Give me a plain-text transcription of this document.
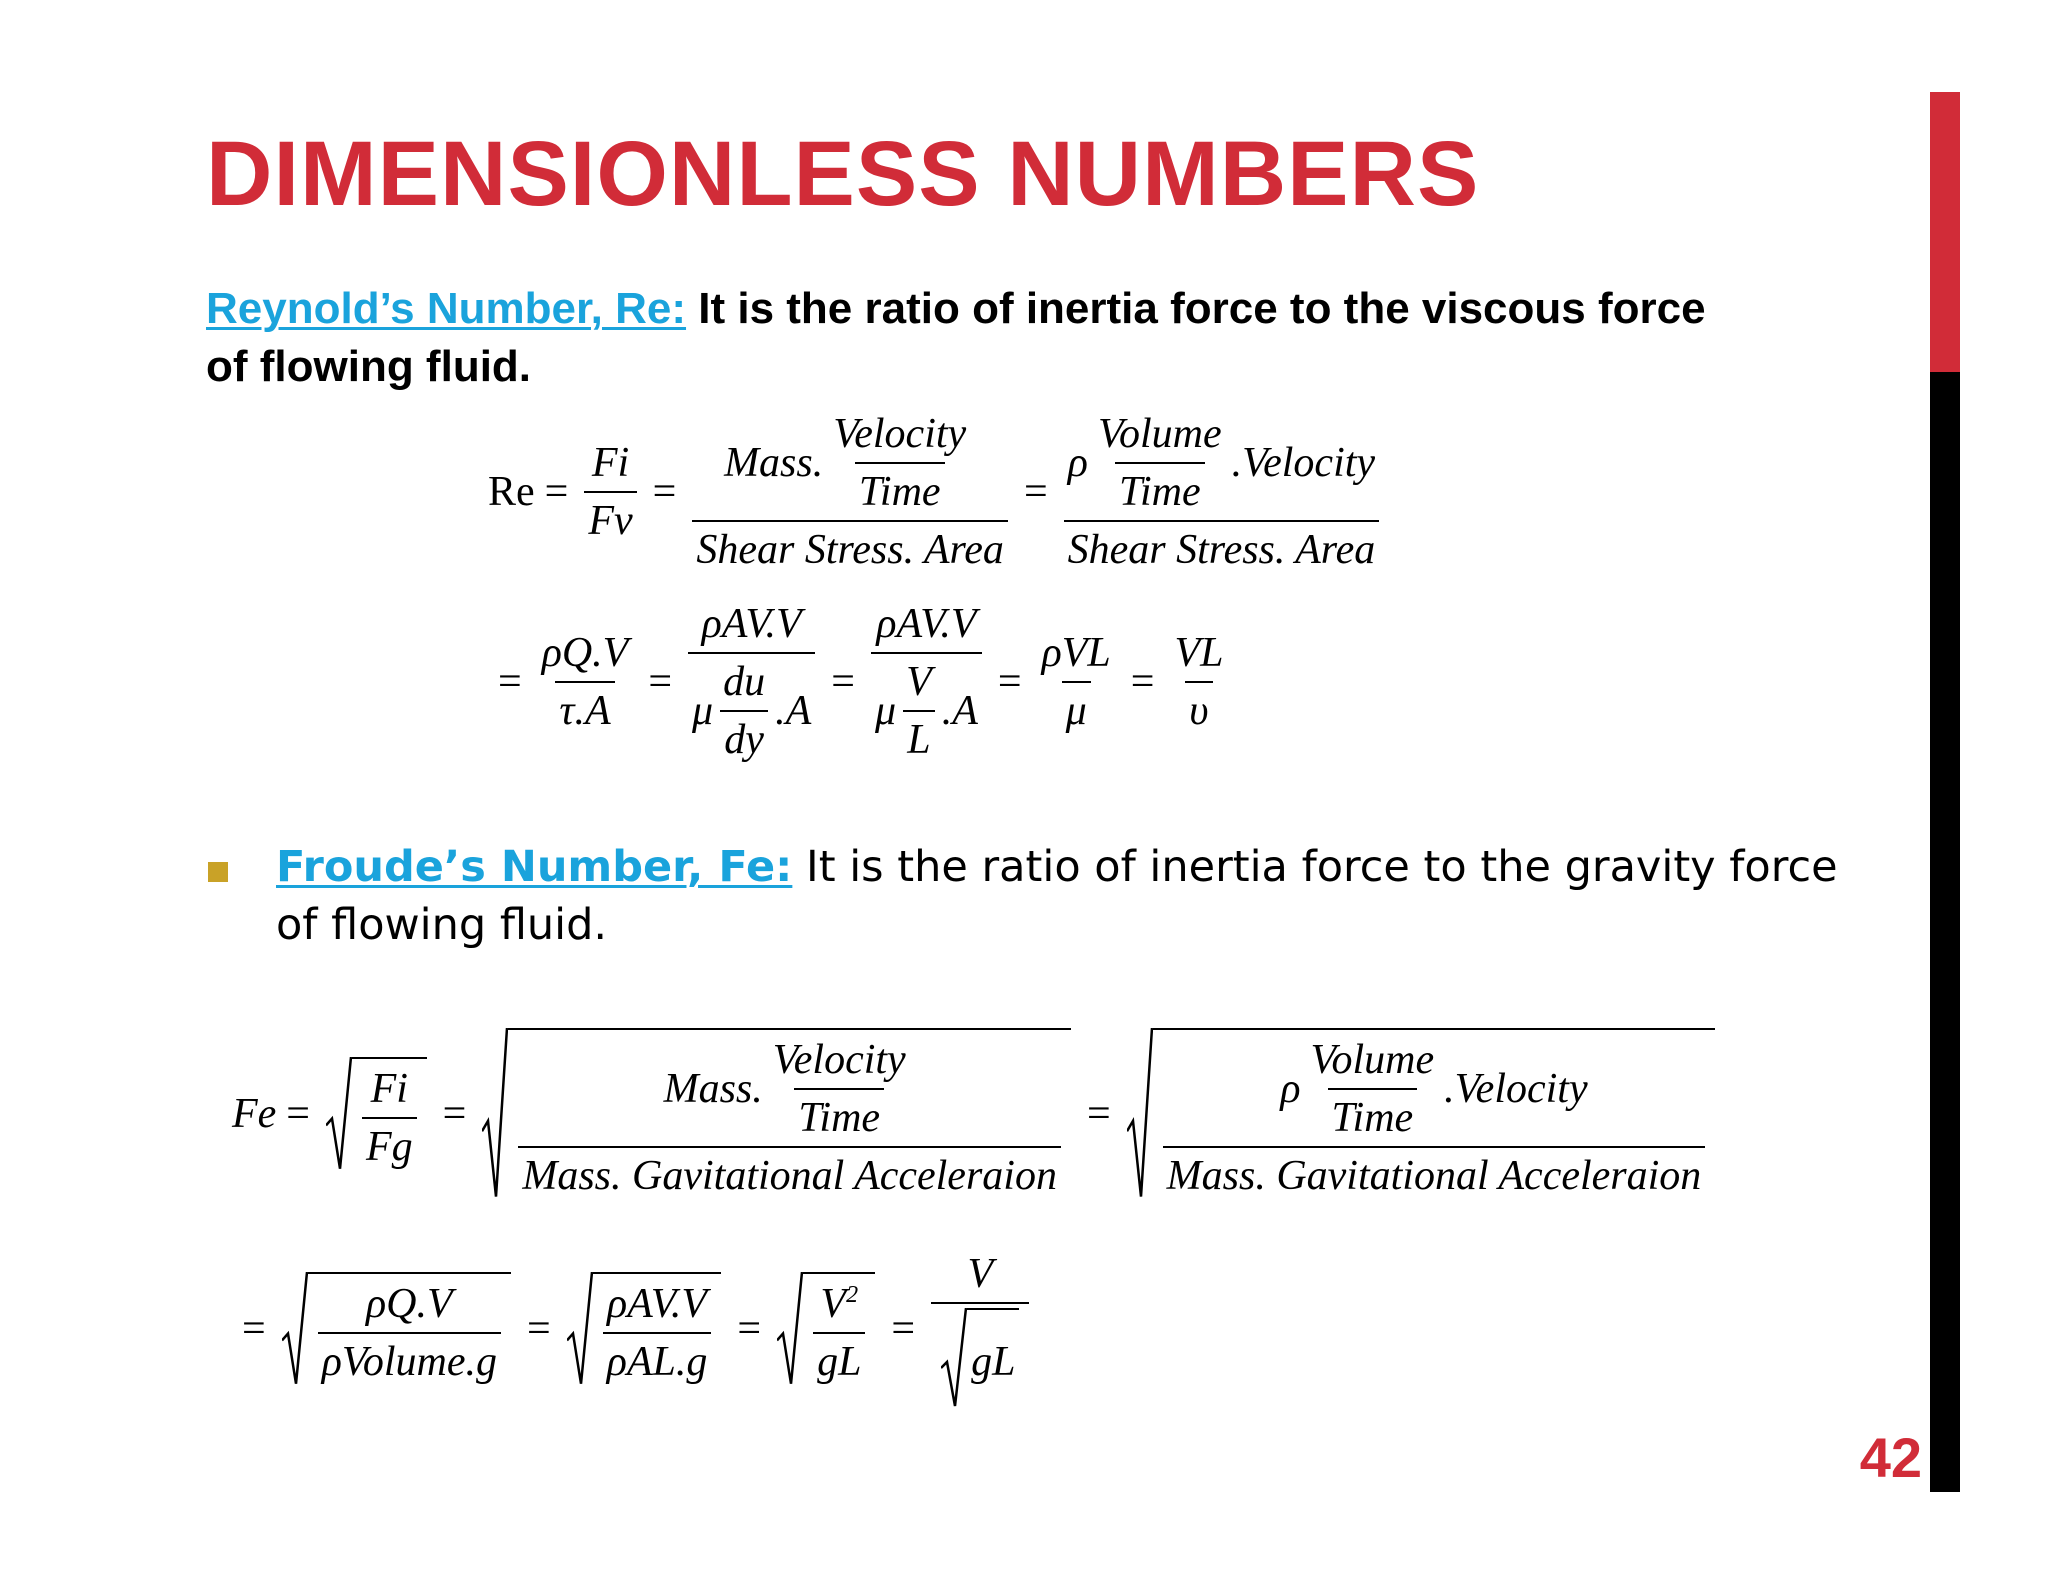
DIMENSIONLESS NUMBERS
Reynold’s Number, Re: It is the ratio of inertia force to the viscous force
of flowing fluid.
$Re = \frac{Fi}{Fv} = \frac{Mass. \frac{\text{Velocity}}{\text{Time}}}{\text{Shear Stress. Area}} = \frac{\rho \frac{\text{Volume}}{\text{Time}} .Velocity}{\text{Shear Stress. Area}}$
= $\frac{\rho Q.V}{\tau.A} = \frac{\text{ρAV.V}}{\mu \frac{du}{dy} .A} = \frac{\text{ρAV.V}}{\mu \frac{V}{L} .A} = \frac{\text{ρVL}}{\mu} = \frac{VL}{\upsilon}$
Froude’s Number, Fe: It is the ratio of inertia force to the gravity force
of flowing fluid.
$Fe = \frac{Fi}{Fg} = \frac{Mass. \frac{\text{Velocity}}{\text{Time}}}{\text{Mass. Gavitational Acceleraion}}$ =
ρ $\frac{\text{Volume}}{\text{Time}}$ .Velocity
Mass. Gavitational Acceleraion
= $\frac{\rho Q.V}{\text{ρVolume.g}} = \frac{\text{ρAV.V}}{\text{ρAL.g}} = \frac{V^2}{gL} = \frac{V}{gL}$
42
